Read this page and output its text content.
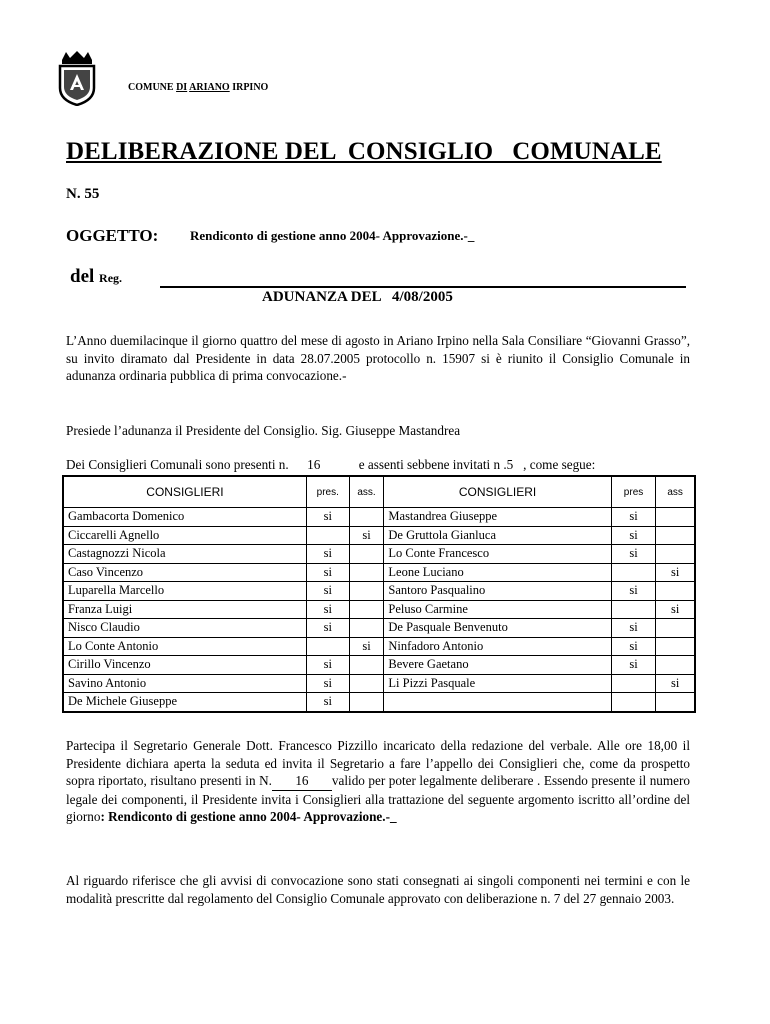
COMUNE DI ARIANO IRPINO
DELIBERAZIONE DEL  CONSIGLIO   COMUNALE
N. 55
OGGETTO: Rendiconto di gestione anno 2004- Approvazione.-_
del Reg.
ADUNANZA DEL   4/08/2005

L’Anno duemilacinque il giorno quattro del mese di agosto in Ariano Irpino nella Sala Consiliare “Giovanni Grasso”, su invito diramato dal Presidente in data 28.07.2005 protocollo n. 15907 si è riunito il Consiglio Comunale in adunanza ordinaria pubblica di prima convocazione.-

Presiede l’adunanza il Presidente del Consiglio. Sig. Giuseppe Mastandrea

Dei Consiglieri Comunali sono presenti n. 16	e assenti sebbene invitati n .5   , come segue:

CONSIGLIERI	pres.	ass.	CONSIGLIERI	pres	ass
Gambacorta Domenico	si		Mastandrea Giuseppe	si	
Ciccarelli Agnello		si	De Gruttola Gianluca	si	
Castagnozzi Nicola	si		Lo Conte Francesco	si	
Caso Vincenzo	si		Leone Luciano		si
Luparella Marcello	si		Santoro Pasqualino	si	
Franza Luigi	si		Peluso Carmine		si
Nisco Claudio	si		De Pasquale Benvenuto	si	
Lo Conte Antonio		si	Ninfadoro Antonio	si	
Cirillo Vincenzo	si		Bevere Gaetano	si	
Savino Antonio	si		Li Pizzi Pasquale		si
De Michele Giuseppe	si				

Partecipa il Segretario Generale Dott. Francesco Pizzillo incaricato della redazione del verbale. Alle ore 18,00 il Presidente dichiara aperta la seduta ed invita il Segretario a fare l’appello dei Consiglieri che, come da prospetto sopra riportato, risultano presenti in N. 16 valido per poter legalmente deliberare . Essendo presente il numero legale dei componenti, il Presidente invita i Consiglieri alla trattazione del seguente argomento iscritto all’ordine del giorno: Rendiconto di gestione anno 2004- Approvazione.-_

Al riguardo riferisce che gli avvisi di convocazione sono stati consegnati ai singoli componenti nei termini e con le modalità prescritte dal regolamento del Consiglio Comunale approvato con deliberazione n. 7 del 27 gennaio 2003.
